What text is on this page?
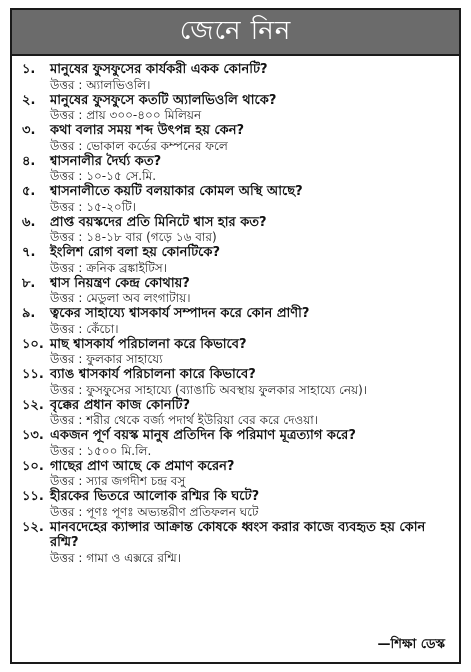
জেনে নিন
১.	মানুষের ফুসফুসের কার্যকরী একক কোনটি?
উত্তর : অ্যালভিওলি।
২.	মানুষের ফুসফুসে কতটি অ্যালভিওলি থাকে?
উত্তর : প্রায় ৩০০-৪০০ মিলিয়ন
৩.	কথা বলার সময় শব্দ উৎপন্ন হয় কেন?
উত্তর : ভোকাল কর্ডের কম্পনের ফলে
৪.	শ্বাসনালীর দৈর্ঘ্য কত?
উত্তর : ১০-১৫ সে.মি.
৫.	শ্বাসনালীতে কয়টি বলয়াকার কোমল অস্থি আছে?
উত্তর : ১৫-২০টি।
৬.	প্রাপ্ত বয়স্কদের প্রতি মিনিটে শ্বাস হার কত?
উত্তর : ১৪-১৮ বার (গড়ে ১৬ বার)
৭.	ইংলিশ রোগ বলা হয় কোনটিকে?
উত্তর : ক্রনিক ব্রঙ্কাইটিস।
৮.	শ্বাস নিয়ন্ত্রণ কেন্দ্র কোথায়?
উত্তর : মেডুলা অব লংগাটায়।
৯.	ত্বকের সাহায্যে শ্বাসকার্য সম্পাদন করে কোন প্রাণী?
উত্তর : কেঁচো।
১০. মাছ শ্বাসকার্য পরিচালনা করে কিভাবে?
উত্তর : ফুলকার সাহায্যে
১১. ব্যাঙ শ্বাসকার্য পরিচালনা কারে কিভাবে?
উত্তর : ফুসফুসের সাহায্যে (ব্যাঙাচি অবস্থায় ফুলকার সাহায্যে নেয়)।
১২. বৃক্কের প্রধান কাজ কোনটি?
উত্তর : শরীর থেকে বর্জ্য পদার্থ ইউরিয়া বের করে দেওয়া।
১৩. একজন পূর্ণ বয়স্ক মানুষ প্রতিদিন কি পরিমাণ মূত্রত্যাগ করে?
উত্তর : ১৫০০ মি.লি.
১০. গাছের প্রাণ আছে কে প্রমাণ করেন?
উত্তর : স্যার জগদীশ চন্দ্র বসু
১১. হীরকের ভিতরে আলোক রশ্মির কি ঘটে?
উত্তর : পূণঃ পূণঃ অভ্যন্তরীণ প্রতিফলন ঘটে
১২. মানবদেহের ক্যান্সার আক্রান্ত কোষকে ধ্বংস করার কাজে ব্যবহৃত হয় কোন রশ্মি?
উত্তর : গামা ও এক্সরে রশ্মি।
—শিক্ষা ডেস্ক
